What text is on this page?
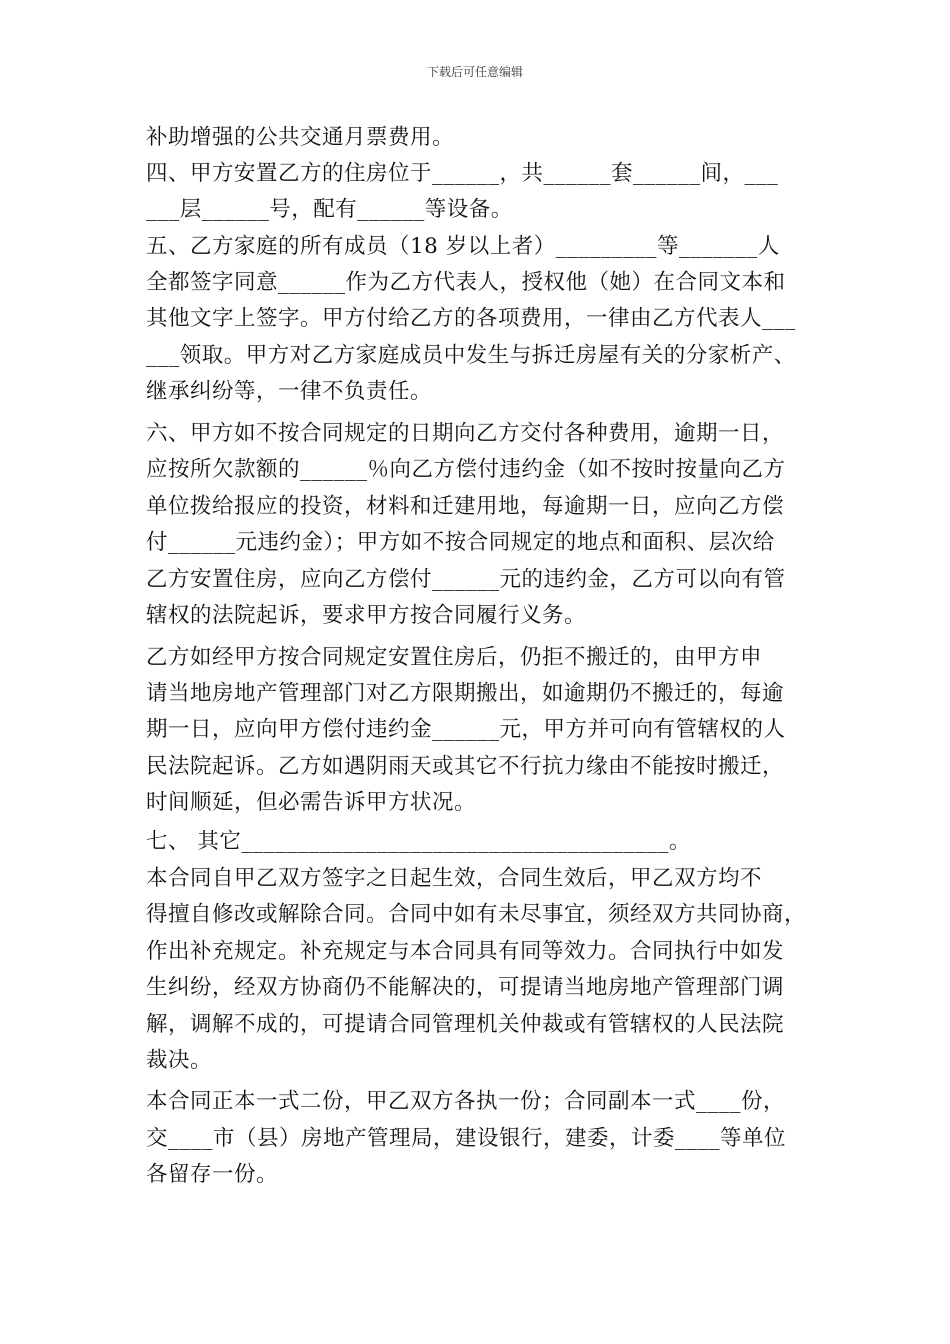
下载后可任意编辑
补助增强的公共交通月票费用。
四、甲方安置乙方的住房位于______，共______套______间，___
___层______号，配有______等设备。
五、乙方家庭的所有成员（18 岁以上者）_________等_______人
全都签字同意______作为乙方代表人，授权他（她）在合同文本和
其他文字上签字。甲方付给乙方的各项费用，一律由乙方代表人___
___领取。甲方对乙方家庭成员中发生与拆迁房屋有关的分家析产、
继承纠纷等，一律不负责任。
六、甲方如不按合同规定的日期向乙方交付各种费用，逾期一日，
应按所欠款额的______％向乙方偿付违约金（如不按时按量向乙方
单位拨给报应的投资，材料和迁建用地，每逾期一日，应向乙方偿
付______元违约金）；甲方如不按合同规定的地点和面积、层次给
乙方安置住房，应向乙方偿付______元的违约金，乙方可以向有管
辖权的法院起诉，要求甲方按合同履行义务。
乙方如经甲方按合同规定安置住房后，仍拒不搬迁的，由甲方申
请当地房地产管理部门对乙方限期搬出，如逾期仍不搬迁的，每逾
期一日，应向甲方偿付违约金______元，甲方并可向有管辖权的人
民法院起诉。乙方如遇阴雨天或其它不行抗力缘由不能按时搬迁，
时间顺延，但必需告诉甲方状况。
七、 其它______________________________________。
本合同自甲乙双方签字之日起生效，合同生效后，甲乙双方均不
得擅自修改或解除合同。合同中如有未尽事宜，须经双方共同协商，
作出补充规定。补充规定与本合同具有同等效力。合同执行中如发
生纠纷，经双方协商仍不能解决的，可提请当地房地产管理部门调
解，调解不成的，可提请合同管理机关仲裁或有管辖权的人民法院
裁决。
本合同正本一式二份，甲乙双方各执一份；合同副本一式____份，
交____市（县）房地产管理局，建设银行，建委，计委____等单位
各留存一份。
